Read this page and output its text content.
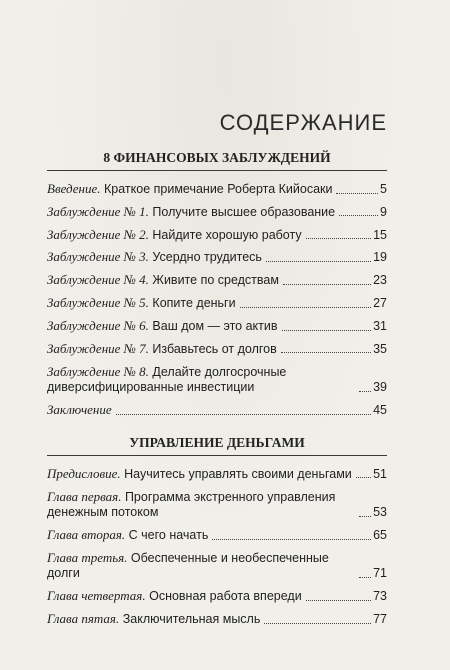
СОДЕРЖАНИЕ
8 ФИНАНСОВЫХ ЗАБЛУЖДЕНИЙ
Введение. Краткое примечание Роберта Кийосаки	5
Заблуждение № 1. Получите высшее образование	9
Заблуждение № 2. Найдите хорошую работу	15
Заблуждение № 3. Усердно трудитесь	19
Заблуждение № 4. Живите по средствам	23
Заблуждение № 5. Копите деньги	27
Заблуждение № 6. Ваш дом — это актив	31
Заблуждение № 7. Избавьтесь от долгов	35
Заблуждение № 8. Делайте долгосрочные диверсифицированные инвестиции	39
Заключение	45
УПРАВЛЕНИЕ ДЕНЬГАМИ
Предисловие. Научитесь управлять своими деньгами 51
Глава первая. Программа экстренного управления денежным потоком	53
Глава вторая. С чего начать	65
Глава третья. Обеспеченные и необеспеченные долги	71
Глава четвертая. Основная работа впереди	73
Глава пятая. Заключительная мысль	77
